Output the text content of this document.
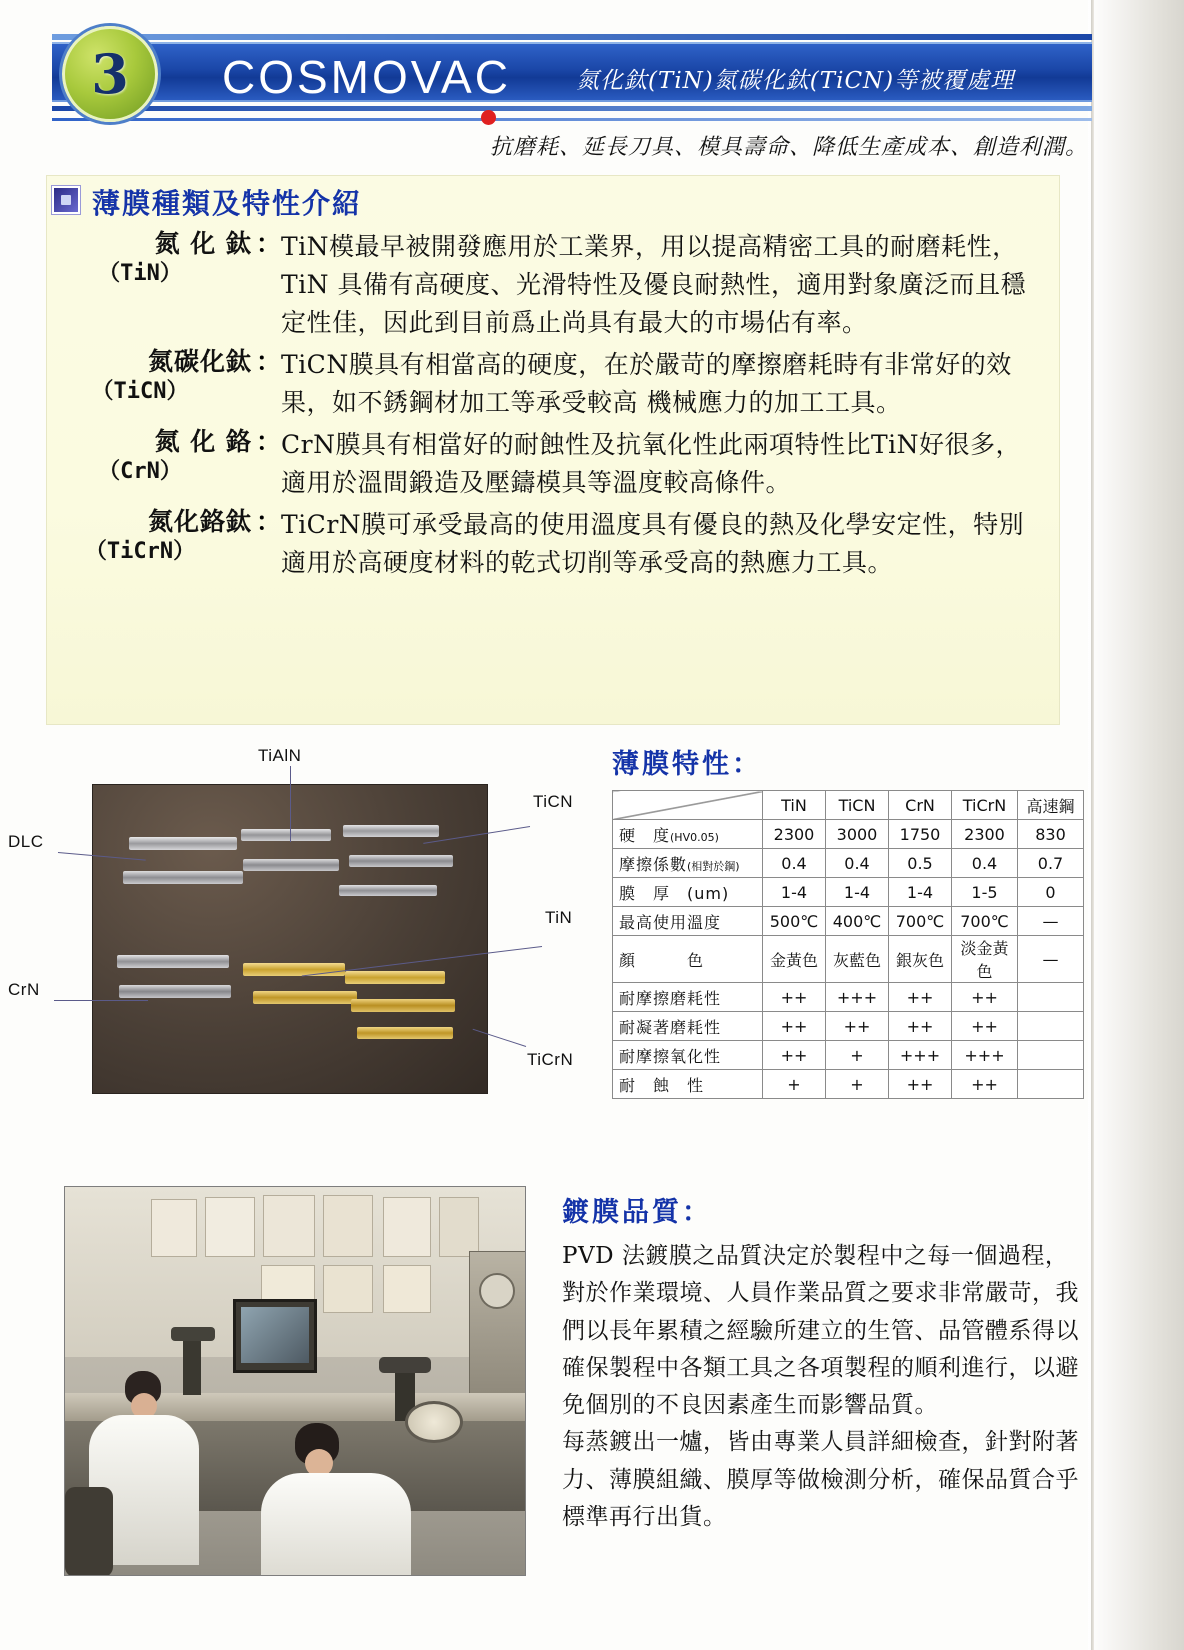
3 COSMOVAC	氮化鈦(TiN)氮碳化鈦(TiCN)等被覆處理
抗磨耗、延長刀具、模具壽命、降低生產成本、創造利潤。
薄膜種類及特性介紹
氮 化 鈦
（TiN）
： TiN模最早被開發應用於工業界，用以提高精密工具的耐磨耗性，TiN 具備有高硬度、光滑特性及優良耐熱性，適用對象廣泛而且穩定性佳，因此到目前爲止尚具有最大的市場佔有率。
氮碳化鈦
（TiCN）
： TiCN膜具有相當高的硬度，在於嚴苛的摩擦磨耗時有非常好的效果，如不銹鋼材加工等承受較高 機械應力的加工工具。
氮 化 鉻
（CrN）
： CrN膜具有相當好的耐蝕性及抗氧化性此兩項特性比TiN好很多，適用於溫間鍛造及壓鑄模具等溫度較高條件。
氮化鉻鈦
（TiCrN）
： TiCrN膜可承受最高的使用溫度具有優良的熱及化學安定性，特別適用於高硬度材料的乾式切削等承受高的熱應力工具。
TiAlN
TiCN
DLC
TiN
CrN
TiCrN
薄膜特性：
	TiN	TiCN	CrN	TiCrN	高速鋼
硬　度(HV0.05)	2300	3000	1750	2300	830
摩擦係數(相對於鋼)	0.4	0.4	0.5	0.4	0.7
膜　厚　(um)	1-4	1-4	1-4	1-5	0
最高使用溫度	500℃	400℃	700℃	700℃	—
顏　　　色	金黃色	灰藍色	銀灰色	淡金黃色	—
耐摩擦磨耗性	++	+++	++	++	
耐凝著磨耗性	++	++	++	++	
耐摩擦氧化性	++	+	+++	+++	
耐　蝕　性	+	+	++	++	
鍍膜品質：

PVD 法鍍膜之品質決定於製程中之每一個過程，對於作業環境、人員作業品質之要求非常嚴苛，我們以長年累積之經驗所建立的生管、品管體系得以確保製程中各類工具之各項製程的順利進行，以避免個別的不良因素產生而影響品質。

每蒸鍍出一爐，皆由專業人員詳細檢查，針對附著力、薄膜組織、膜厚等做檢測分析，確保品質合乎標準再行出貨。
